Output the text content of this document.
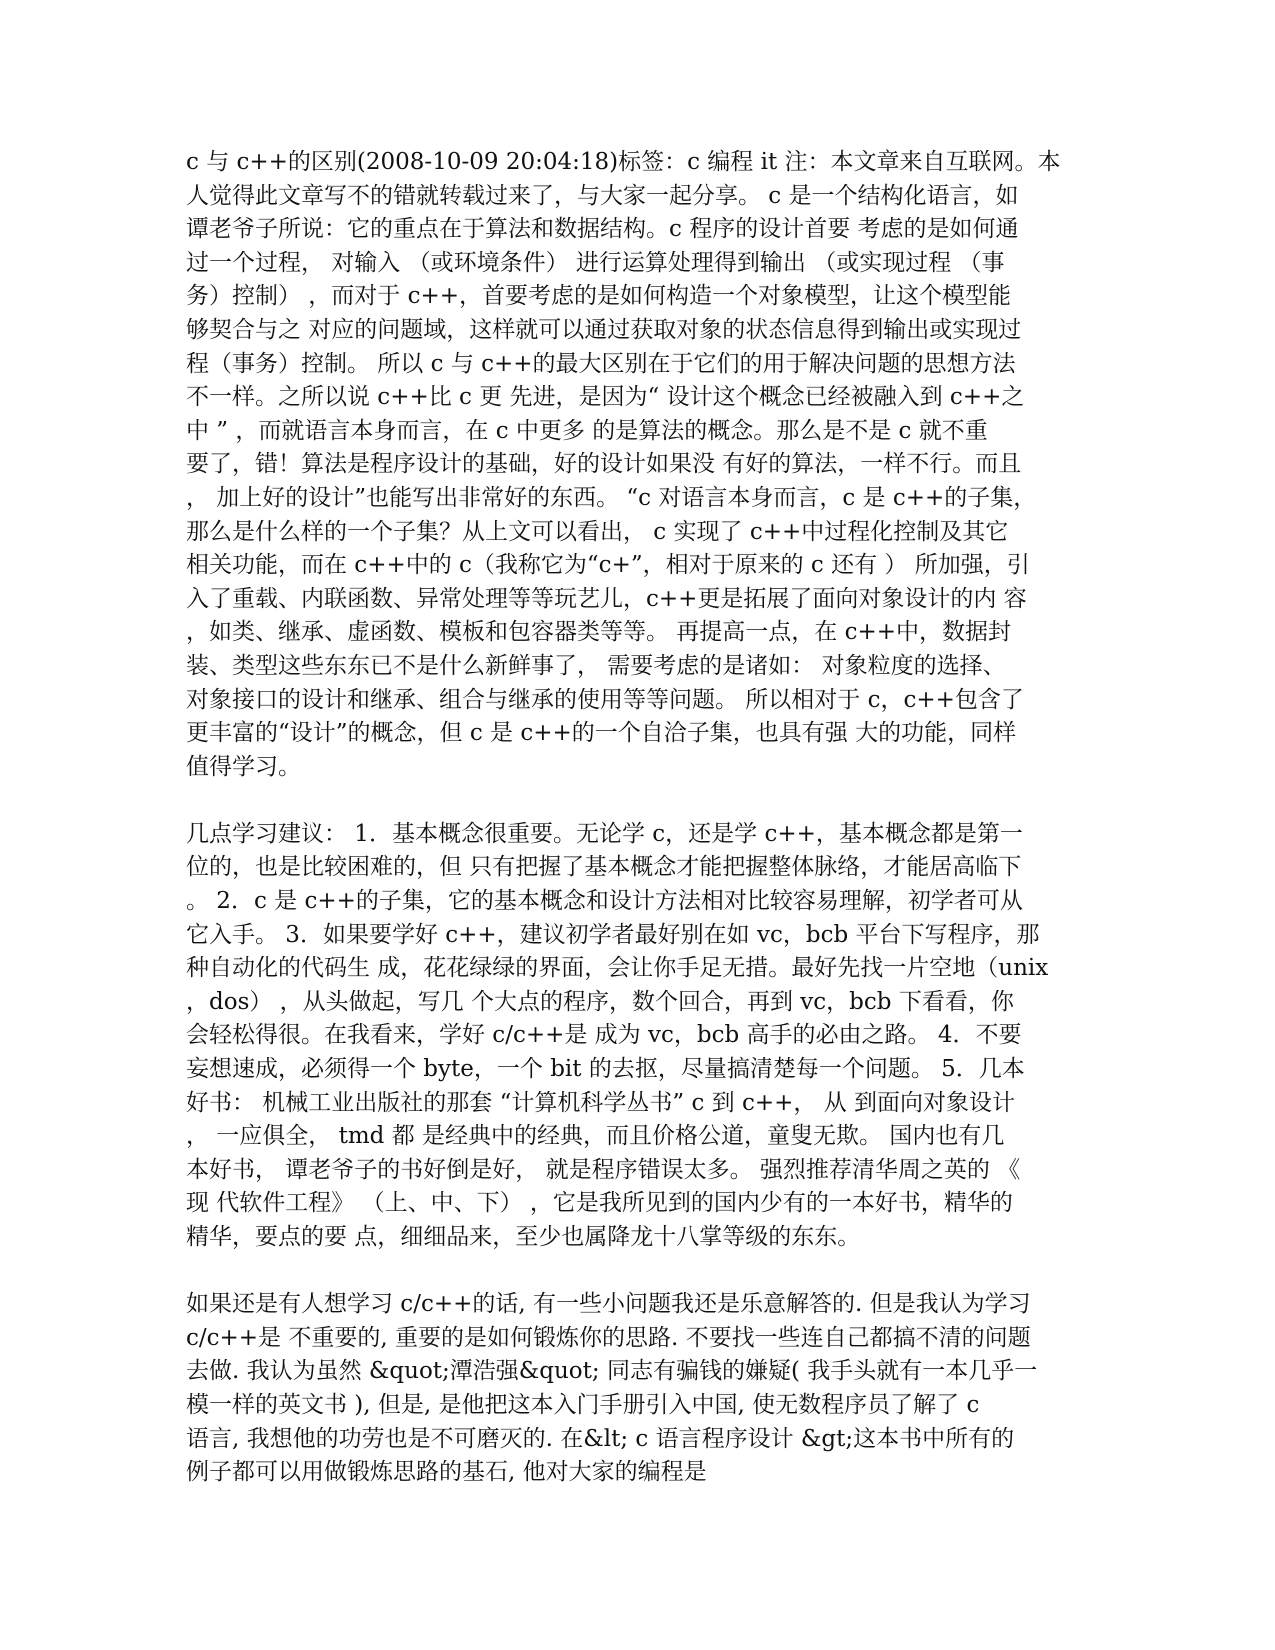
c 与 c++的区别(2008-10-09 20:04:18)标签：c 编程 it 注：本文章来自互联网。本
人觉得此文章写不的错就转载过来了，与大家一起分享。 c 是一个结构化语言，如
谭老爷子所说：它的重点在于算法和数据结构。c 程序的设计首要 考虑的是如何通
过一个过程， 对输入 （或环境条件） 进行运算处理得到输出 （或实现过程 （事
务）控制） ，而对于 c++，首要考虑的是如何构造一个对象模型，让这个模型能
够契合与之 对应的问题域，这样就可以通过获取对象的状态信息得到输出或实现过
程（事务）控制。 所以 c 与 c++的最大区别在于它们的用于解决问题的思想方法
不一样。之所以说 c++比 c 更 先进，是因为“ 设计这个概念已经被融入到 c++之
中 ” ，而就语言本身而言，在 c 中更多 的是算法的概念。那么是不是 c 就不重
要了，错！算法是程序设计的基础，好的设计如果没 有好的算法，一样不行。而且
， 加上好的设计”也能写出非常好的东西。 “c 对语言本身而言，c 是 c++的子集，
那么是什么样的一个子集？从上文可以看出， c 实现了 c++中过程化控制及其它
相关功能，而在 c++中的 c（我称它为“c+”，相对于原来的 c 还有 ） 所加强，引
入了重载、内联函数、异常处理等等玩艺儿，c++更是拓展了面向对象设计的内 容
，如类、继承、虚函数、模板和包容器类等等。 再提高一点，在 c++中，数据封
装、类型这些东东已不是什么新鲜事了， 需要考虑的是诸如： 对象粒度的选择、
对象接口的设计和继承、组合与继承的使用等等问题。 所以相对于 c，c++包含了
更丰富的“设计”的概念，但 c 是 c++的一个自洽子集，也具有强 大的功能，同样
值得学习。
几点学习建议： 1．基本概念很重要。无论学 c，还是学 c++，基本概念都是第一
位的，也是比较困难的，但 只有把握了基本概念才能把握整体脉络，才能居高临下
。 2．c 是 c++的子集，它的基本概念和设计方法相对比较容易理解，初学者可从
它入手。 3．如果要学好 c++，建议初学者最好别在如 vc，bcb 平台下写程序，那
种自动化的代码生 成，花花绿绿的界面，会让你手足无措。最好先找一片空地（unix
，dos） ，从头做起，写几 个大点的程序，数个回合，再到 vc，bcb 下看看，你
会轻松得很。在我看来，学好 c/c++是 成为 vc，bcb 高手的必由之路。 4．不要
妄想速成，必须得一个 byte，一个 bit 的去抠，尽量搞清楚每一个问题。 5．几本
好书： 机械工业出版社的那套 “计算机科学丛书” c 到 c++， 从 到面向对象设计
， 一应俱全， tmd 都 是经典中的经典，而且价格公道，童叟无欺。 国内也有几
本好书， 谭老爷子的书好倒是好， 就是程序错误太多。 强烈推荐清华周之英的 《
现 代软件工程》 （上、中、下） ，它是我所见到的国内少有的一本好书，精华的
精华，要点的要 点，细细品来，至少也属降龙十八掌等级的东东。
如果还是有人想学习 c/c++的话, 有一些小问题我还是乐意解答的. 但是我认为学习
c/c++是 不重要的, 重要的是如何锻炼你的思路. 不要找一些连自己都搞不清的问题
去做. 我认为虽然 &quot;潭浩强&quot; 同志有骗钱的嫌疑( 我手头就有一本几乎一
模一样的英文书 ), 但是, 是他把这本入门手册引入中国, 使无数程序员了解了 c
语言, 我想他的功劳也是不可磨灭的. 在&lt; c 语言程序设计 &gt;这本书中所有的
例子都可以用做锻炼思路的基石, 他对大家的编程是
